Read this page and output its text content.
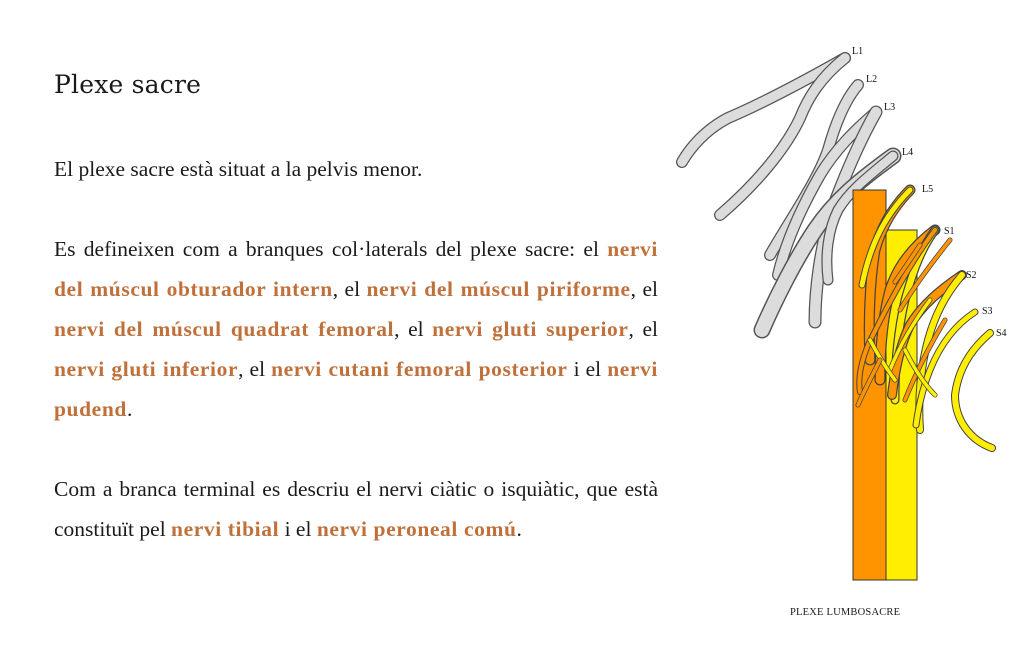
Plexe sacre

El plexe sacre està situat a la pelvis menor.

Es defineixen com a branques col·laterals del plexe sacre: el nervi del múscul obturador intern, el nervi del múscul piriforme, el nervi del múscul quadrat femoral, el nervi gluti superior, el nervi gluti inferior, el nervi cutani femoral posterior i el nervi pudend.

Com a branca terminal es descriu el nervi ciàtic o isquiàtic, que està constituït pel nervi tibial i el nervi peroneal comú.

L1
L2
L3
L4
L5
S1
S2
S3
S4
PLEXE LUMBOSACRE
